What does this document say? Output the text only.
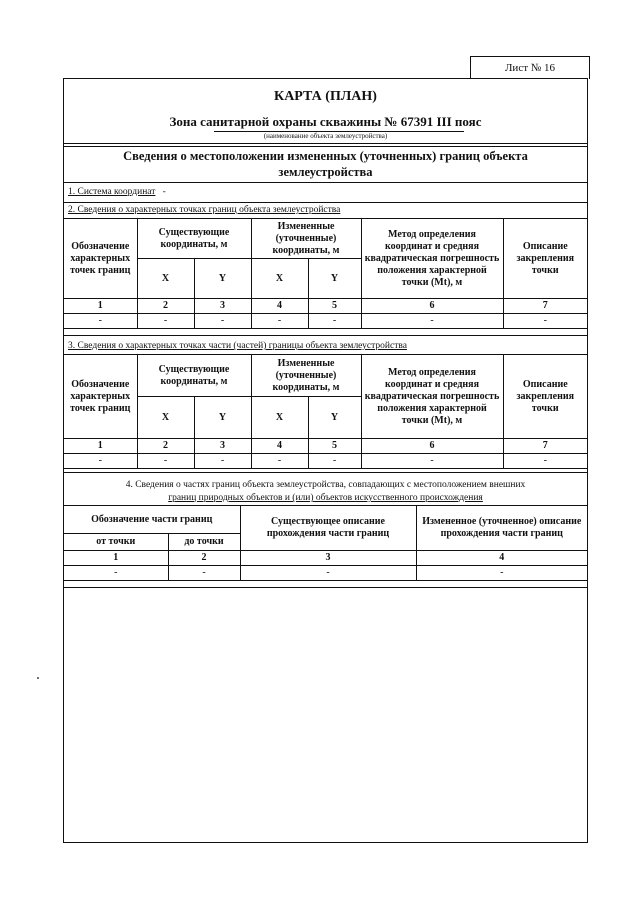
Лист № 16
КАРТА (ПЛАН)
Зона санитарной охраны скважины № 67391 III пояс
(наименование объекта землеустройства)
Сведения о местоположении измененных (уточненных) границ объекта
землеустройства
1. Система координат -
2. Сведения о характерных точках границ объекта землеустройства
Обозначение характерных точек границ	Существующие координаты, м		Измененные (уточненные) координаты, м		Метод определения координат и средняя квадратическая погрешность положения характерной точки (Mt), м	Описание закрепления точки
	X	Y	X	Y		
1	2	3	4	5	6	7
-	-	-	-	-	-	-
3. Сведения о характерных точках части (частей) границы объекта землеустройства
Обозначение характерных точек границ	Существующие координаты, м		Измененные (уточненные) координаты, м		Метод определения координат и средняя квадратическая погрешность положения характерной точки (Mt), м	Описание закрепления точки
	X	Y	X	Y		
1	2	3	4	5	6	7
-	-	-	-	-	-	-
4. Сведения о частях границ объекта землеустройства, совпадающих с местоположением внешних
границ природных объектов и (или) объектов искусственного происхождения
Обозначение части границ		Существующее описание прохождения части границ	Измененное (уточненное) описание прохождения части границ
от точки	до точки		
1	2	3	4
-	-	-	-
